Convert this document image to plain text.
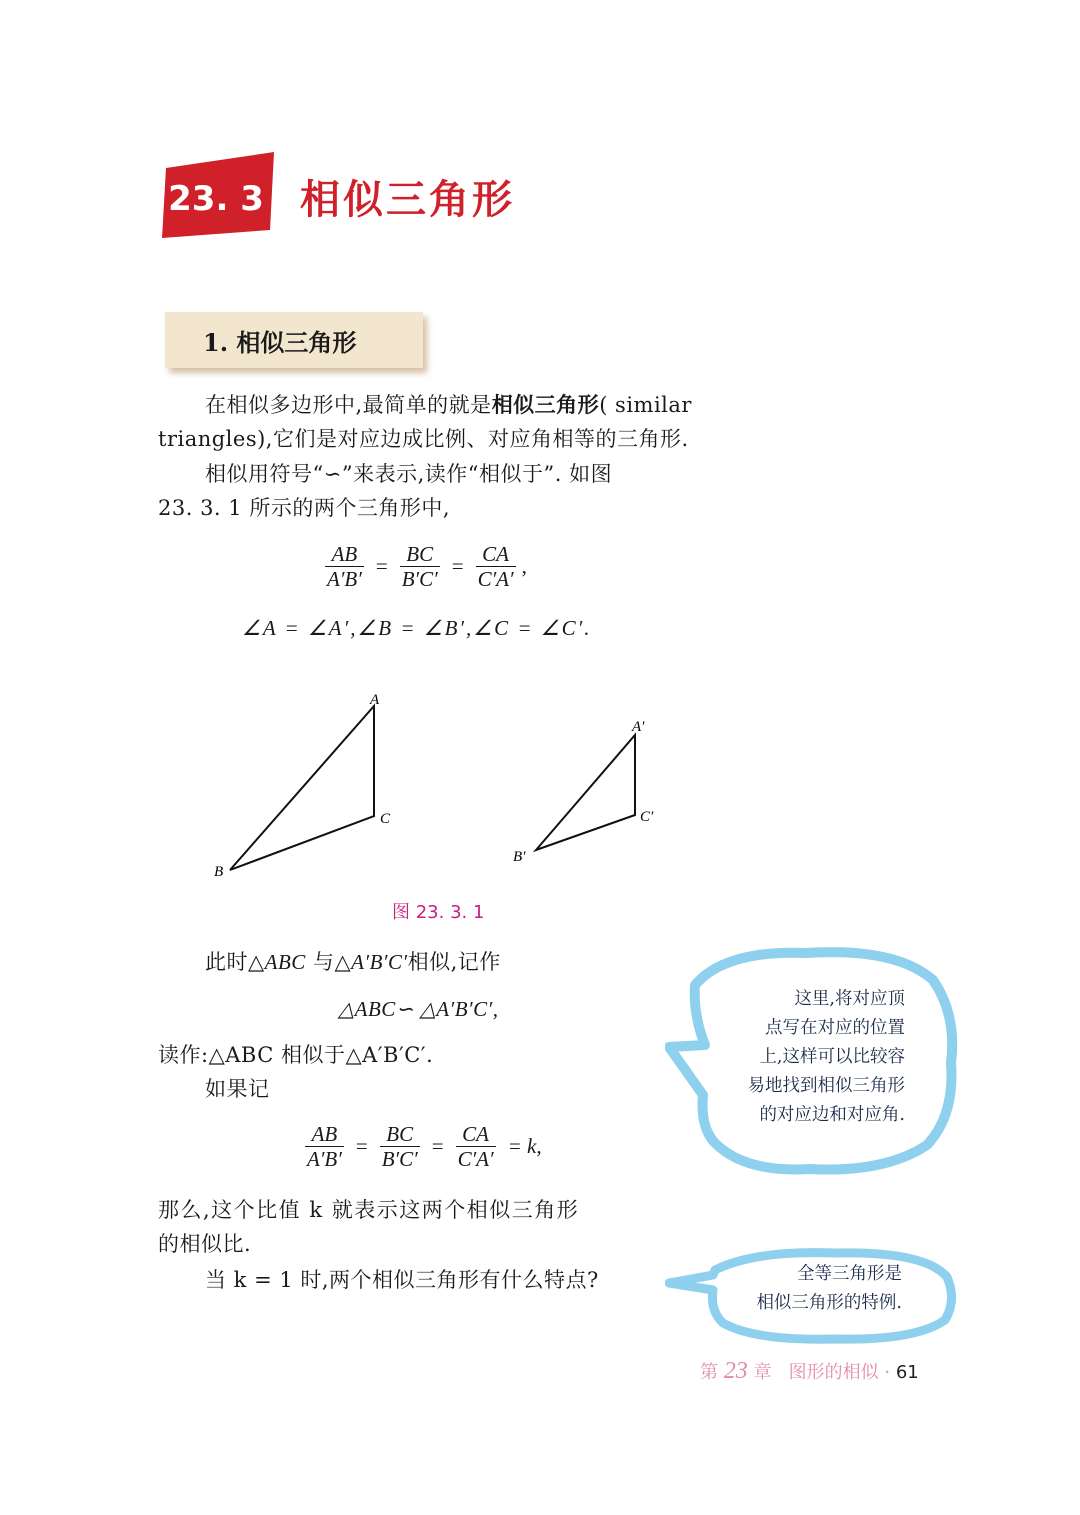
23. 3 相似三角形
1. 相似三角形
在相似多边形中,最简单的就是相似三角形( similar
triangles),它们是对应边成比例、对应角相等的三角形.
相似用符号“∽”来表示,读作“相似于”. 如图
23. 3. 1 所示的两个三角形中,
$\frac{AB}{A'B'} = \frac{BC}{B'C'} = \frac{CA}{C'A'}$ ,
∠A = ∠A′,∠B = ∠B′,∠C = ∠C′.
A
C
B
A′
C′
B′
图 23. 3. 1
此时△ABC 与△A′B′C′相似,记作
△ABC∽ △A′B′C′,
读作:△ABC 相似于△A′B′C′.
如果记
$\frac{AB}{A'B'} = \frac{BC}{B'C'} = \frac{CA}{C'A'} = k$,
那么,这个比值 k 就表示这两个相似三角形
的相似比.
当 k = 1 时,两个相似三角形有什么特点?
这里,将对应顶
点写在对应的位置
上,这样可以比较容
易地找到相似三角形
的对应边和对应角.
全等三角形是
相似三角形的特例.
第 23 章 图形的相似 · 61
